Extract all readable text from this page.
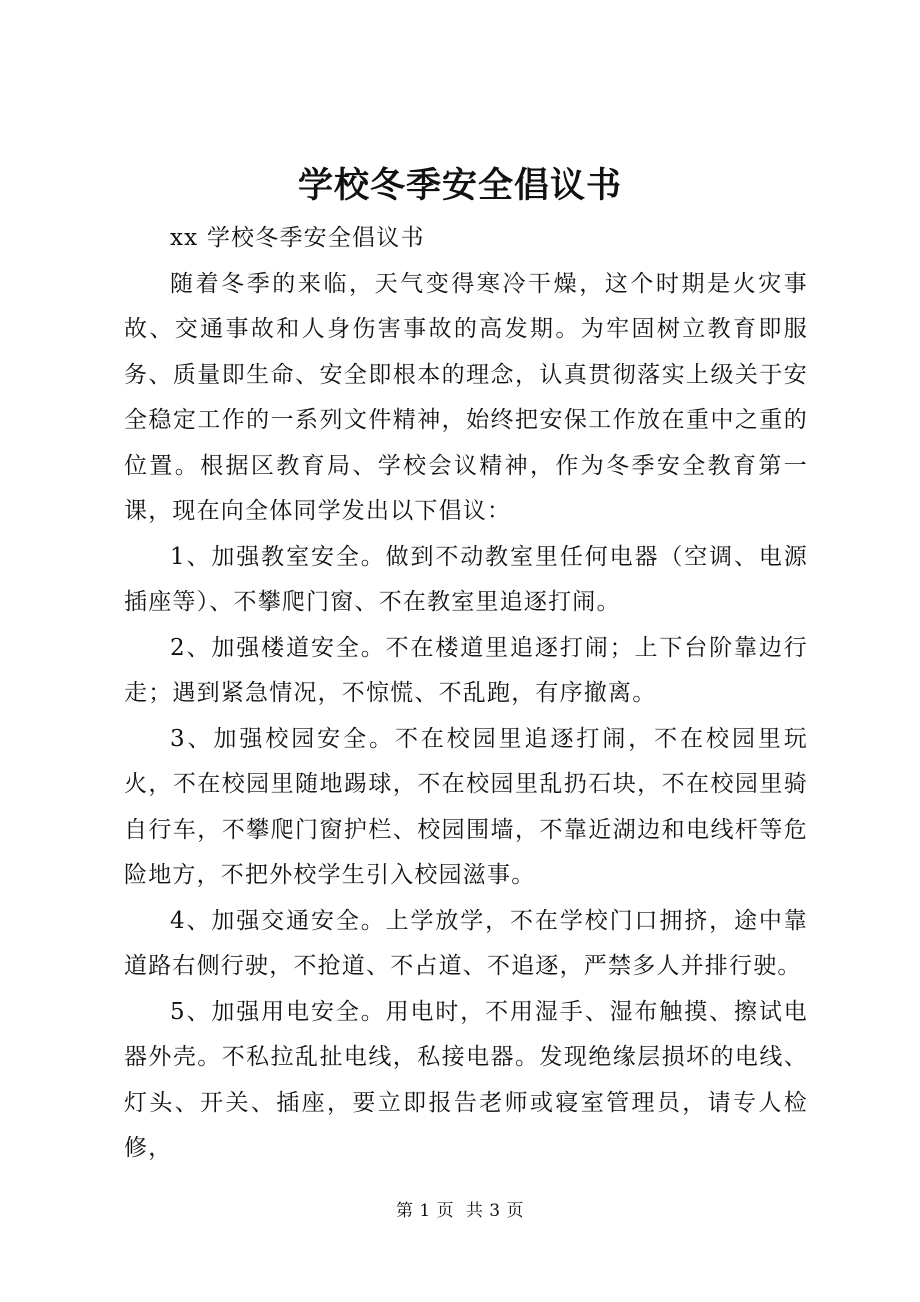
学校冬季安全倡议书

xx 学校冬季安全倡议书

随着冬季的来临，天气变得寒冷干燥，这个时期是火灾事故、交通事故和人身伤害事故的高发期。为牢固树立教育即服务、质量即生命、安全即根本的理念，认真贯彻落实上级关于安全稳定工作的一系列文件精神，始终把安保工作放在重中之重的位置。根据区教育局、学校会议精神，作为冬季安全教育第一课，现在向全体同学发出以下倡议：

1、加强教室安全。做到不动教室里任何电器（空调、电源插座等）、不攀爬门窗、不在教室里追逐打闹。

2、加强楼道安全。不在楼道里追逐打闹；上下台阶靠边行走；遇到紧急情况，不惊慌、不乱跑，有序撤离。

3、加强校园安全。不在校园里追逐打闹，不在校园里玩火，不在校园里随地踢球，不在校园里乱扔石块，不在校园里骑自行车，不攀爬门窗护栏、校园围墙，不靠近湖边和电线杆等危险地方，不把外校学生引入校园滋事。

4、加强交通安全。上学放学，不在学校门口拥挤，途中靠道路右侧行驶，不抢道、不占道、不追逐，严禁多人并排行驶。

5、加强用电安全。用电时，不用湿手、湿布触摸、擦试电器外壳。不私拉乱扯电线，私接电器。发现绝缘层损坏的电线、灯头、开关、插座，要立即报告老师或寝室管理员，请专人检修，

第 1 页 共 3 页
